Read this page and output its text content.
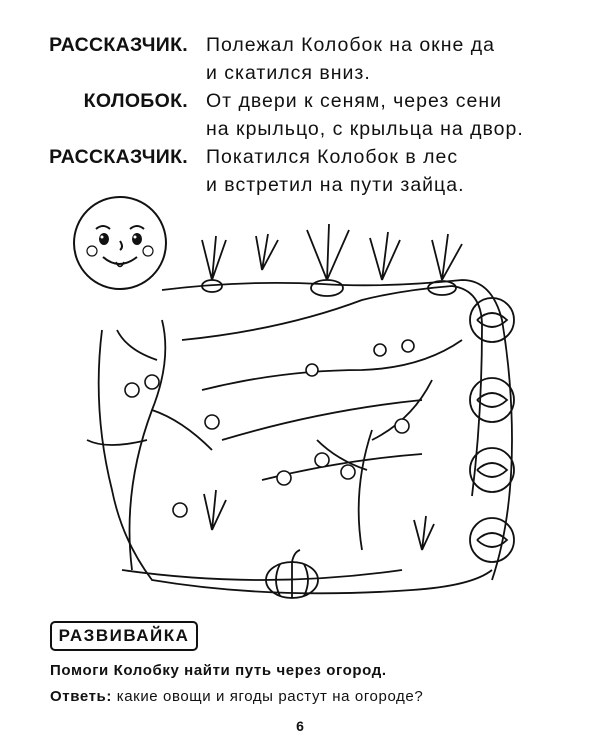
РАССКАЗЧИК. Полежал Колобок на окне да
и скатился вниз.
КОЛОБОК. От двери к сеням, через сени
на крыльцо, с крыльца на двор.
РАССКАЗЧИК. Покатился Колобок в лес
и встретил на пути зайца.
РАЗВИВАЙКА
Помоги Колобку найти путь через огород.
Ответь: какие овощи и ягоды растут на огороде?
6
